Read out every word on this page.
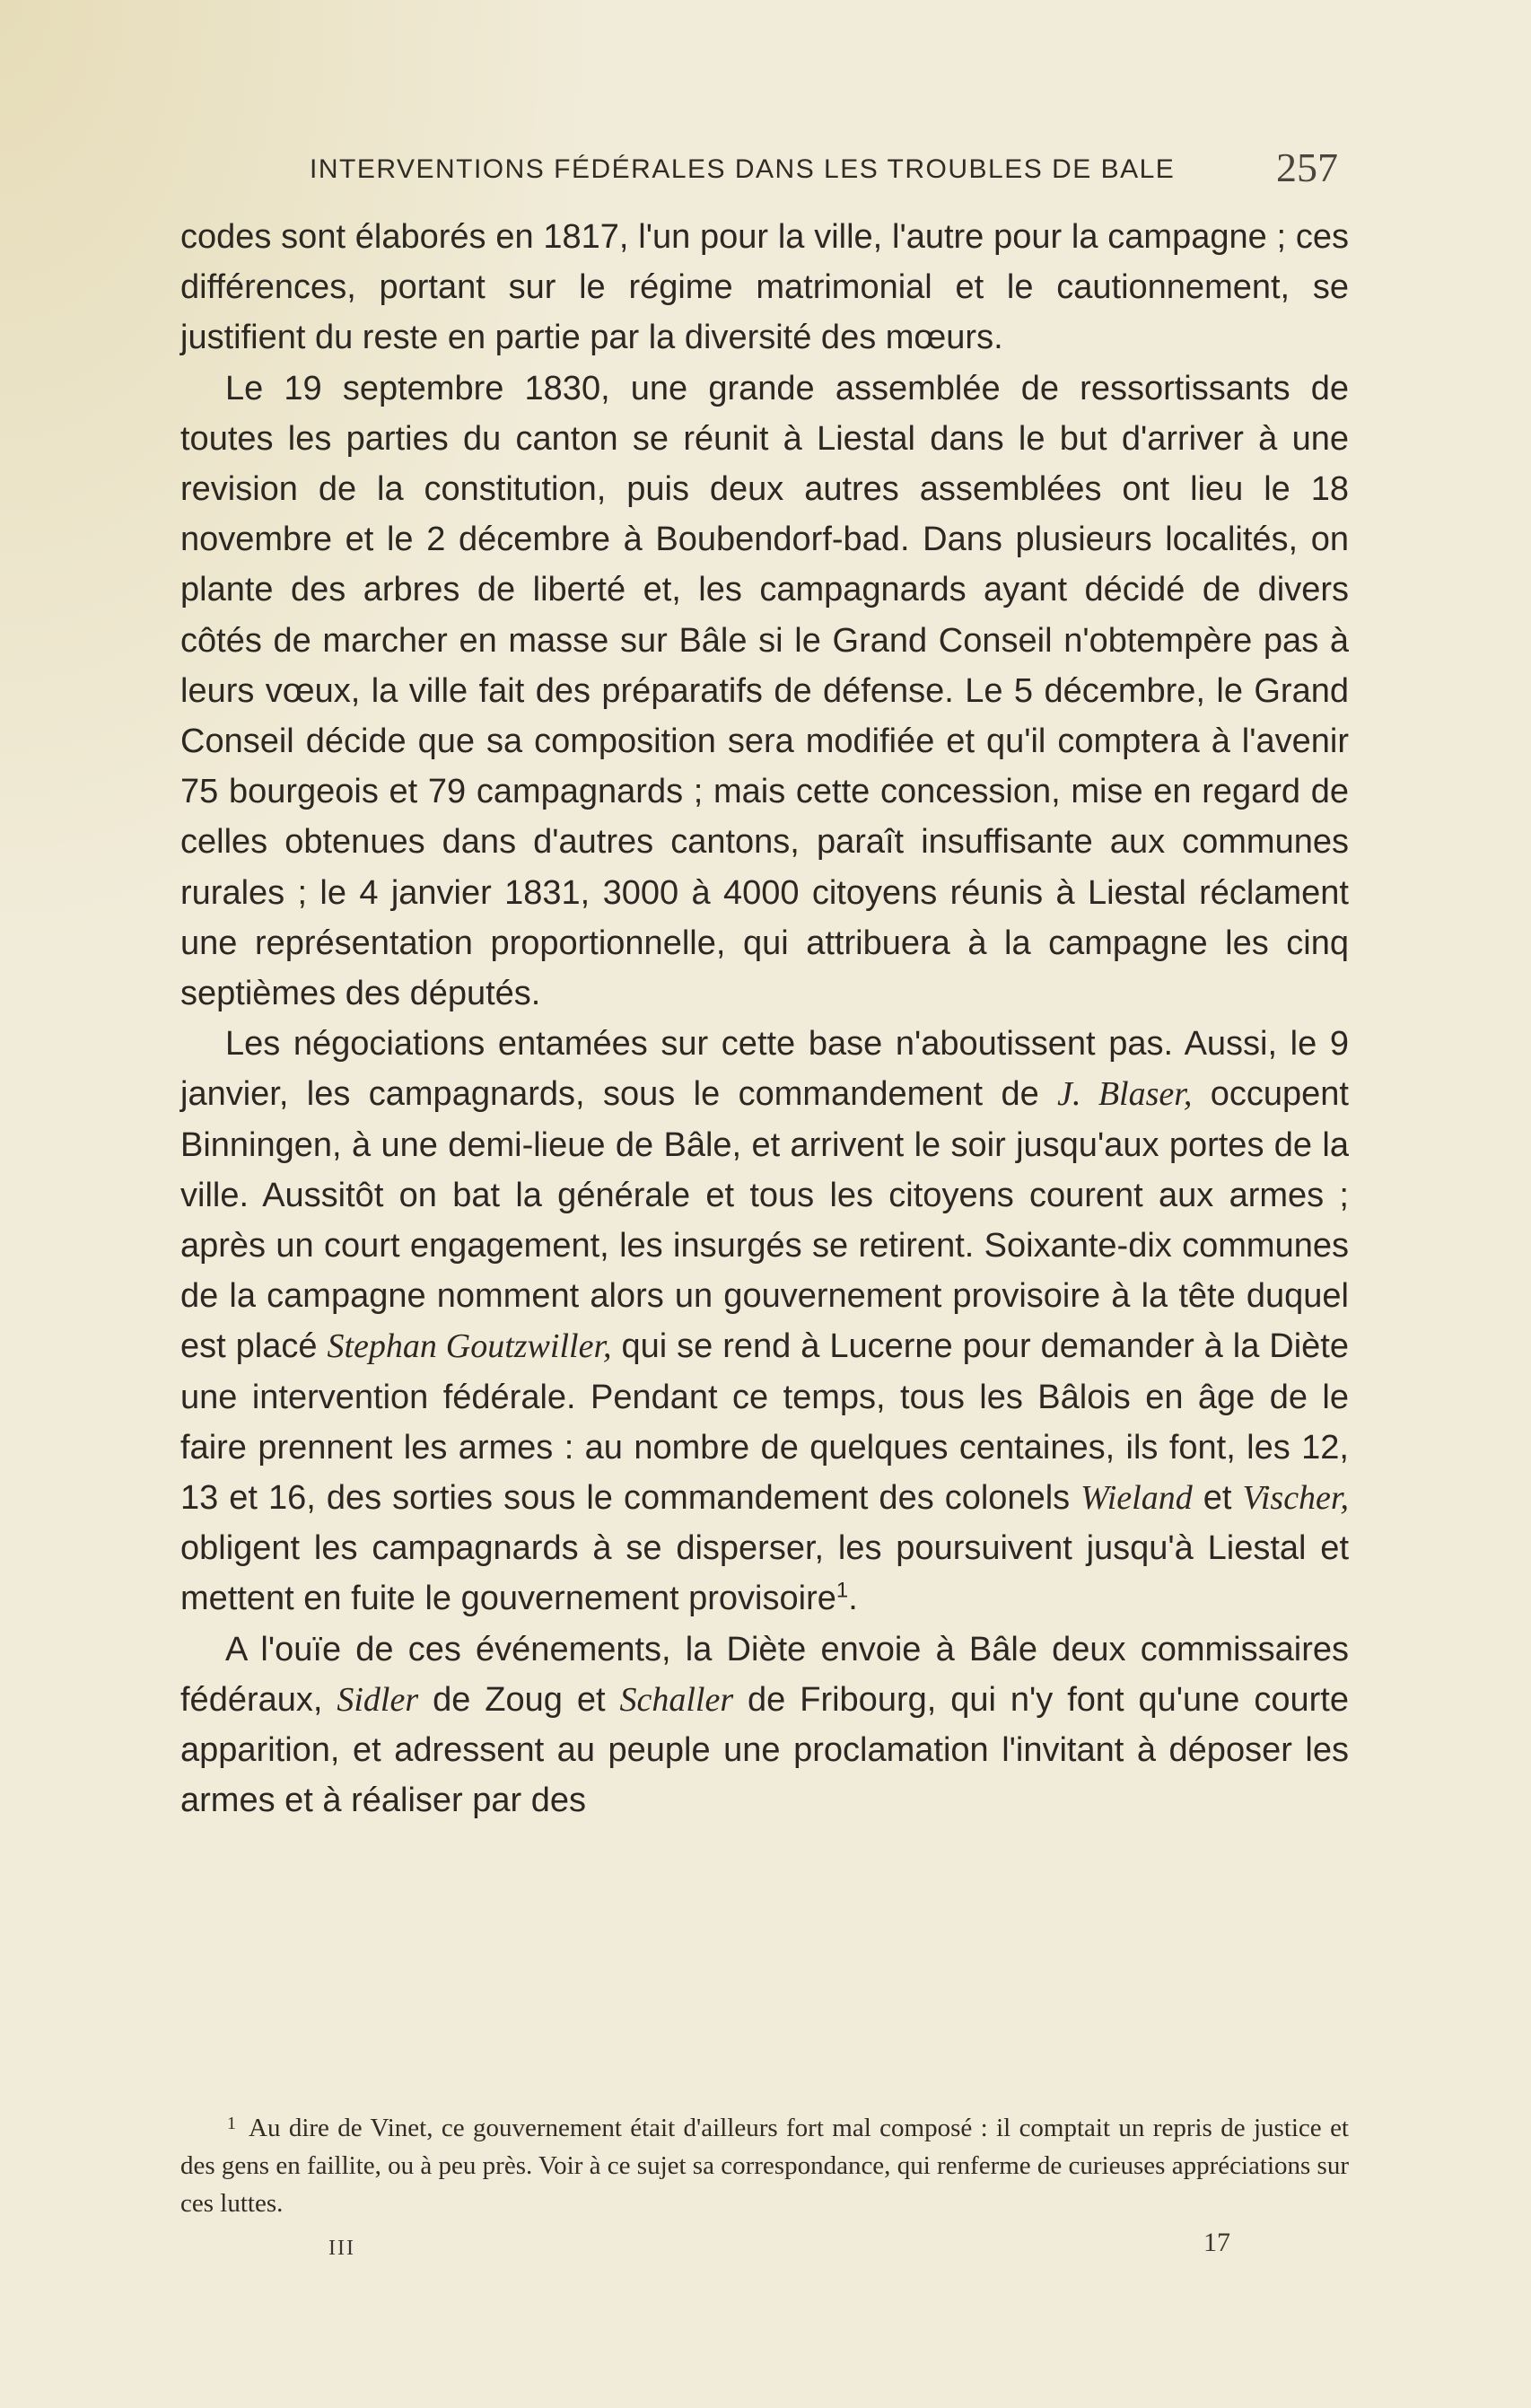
INTERVENTIONS FÉDÉRALES DANS LES TROUBLES DE BALE 257

codes sont élaborés en 1817, l'un pour la ville, l'autre pour la campagne ; ces différences, portant sur le régime matrimonial et le cautionnement, se justifient du reste en partie par la diversité des mœurs.

Le 19 septembre 1830, une grande assemblée de ressortissants de toutes les parties du canton se réunit à Liestal dans le but d'arriver à une revision de la constitution, puis deux autres assemblées ont lieu le 18 novembre et le 2 décembre à Boubendorf-bad. Dans plusieurs localités, on plante des arbres de liberté et, les campagnards ayant décidé de divers côtés de marcher en masse sur Bâle si le Grand Conseil n'obtempère pas à leurs vœux, la ville fait des préparatifs de défense. Le 5 décembre, le Grand Conseil décide que sa composition sera modifiée et qu'il comptera à l'avenir 75 bourgeois et 79 campagnards ; mais cette concession, mise en regard de celles obtenues dans d'autres cantons, paraît insuffisante aux communes rurales ; le 4 janvier 1831, 3000 à 4000 citoyens réunis à Liestal réclament une représentation proportionnelle, qui attribuera à la campagne les cinq septièmes des députés.

Les négociations entamées sur cette base n'aboutissent pas. Aussi, le 9 janvier, les campagnards, sous le commandement de J. Blaser, occupent Binningen, à une demi-lieue de Bâle, et arrivent le soir jusqu'aux portes de la ville. Aussitôt on bat la générale et tous les citoyens courent aux armes ; après un court engagement, les insurgés se retirent. Soixante-dix communes de la campagne nomment alors un gouvernement provisoire à la tête duquel est placé Stephan Goutzwiller, qui se rend à Lucerne pour demander à la Diète une intervention fédérale. Pendant ce temps, tous les Bâlois en âge de le faire prennent les armes : au nombre de quelques centaines, ils font, les 12, 13 et 16, des sorties sous le commandement des colonels Wieland et Vischer, obligent les campagnards à se disperser, les poursuivent jusqu'à Liestal et mettent en fuite le gouvernement provisoire$^1$.

A l'ouïe de ces événements, la Diète envoie à Bâle deux commissaires fédéraux, Sidler de Zoug et Schaller de Fribourg, qui n'y font qu'une courte apparition, et adressent au peuple une proclamation l'invitant à déposer les armes et à réaliser par des

$^1$ Au dire de Vinet, ce gouvernement était d'ailleurs fort mal composé : il comptait un repris de justice et des gens en faillite, ou à peu près. Voir à ce sujet sa correspondance, qui renferme de curieuses appréciations sur ces luttes.
III	17
